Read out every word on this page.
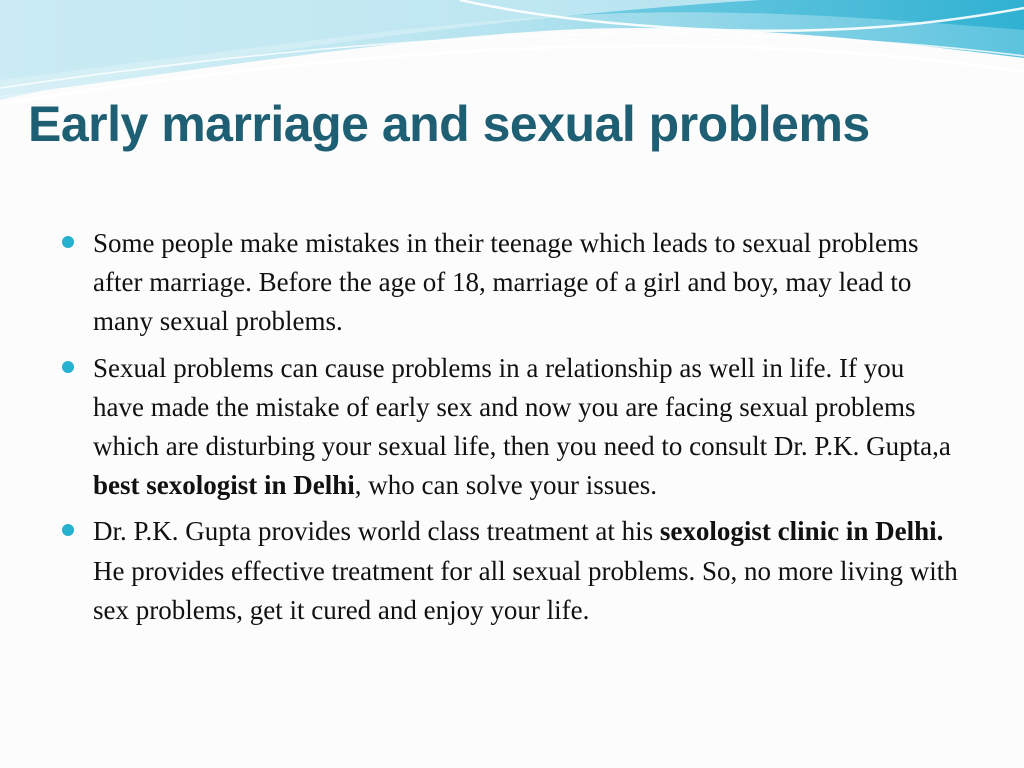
Early marriage and sexual problems
Some people make mistakes in their teenage which leads to sexual problems after marriage. Before the age of 18, marriage of a girl and boy, may lead to many sexual problems.
Sexual problems can cause problems in a relationship as well in life. If you have made the mistake of early sex and now you are facing sexual problems which are disturbing your sexual life, then you need to consult Dr. P.K. Gupta,a best sexologist in Delhi, who can solve your issues.
Dr. P.K. Gupta provides world class treatment at his sexologist clinic in Delhi. He provides effective treatment for all sexual problems. So, no more living with sex problems, get it cured and enjoy your life.
